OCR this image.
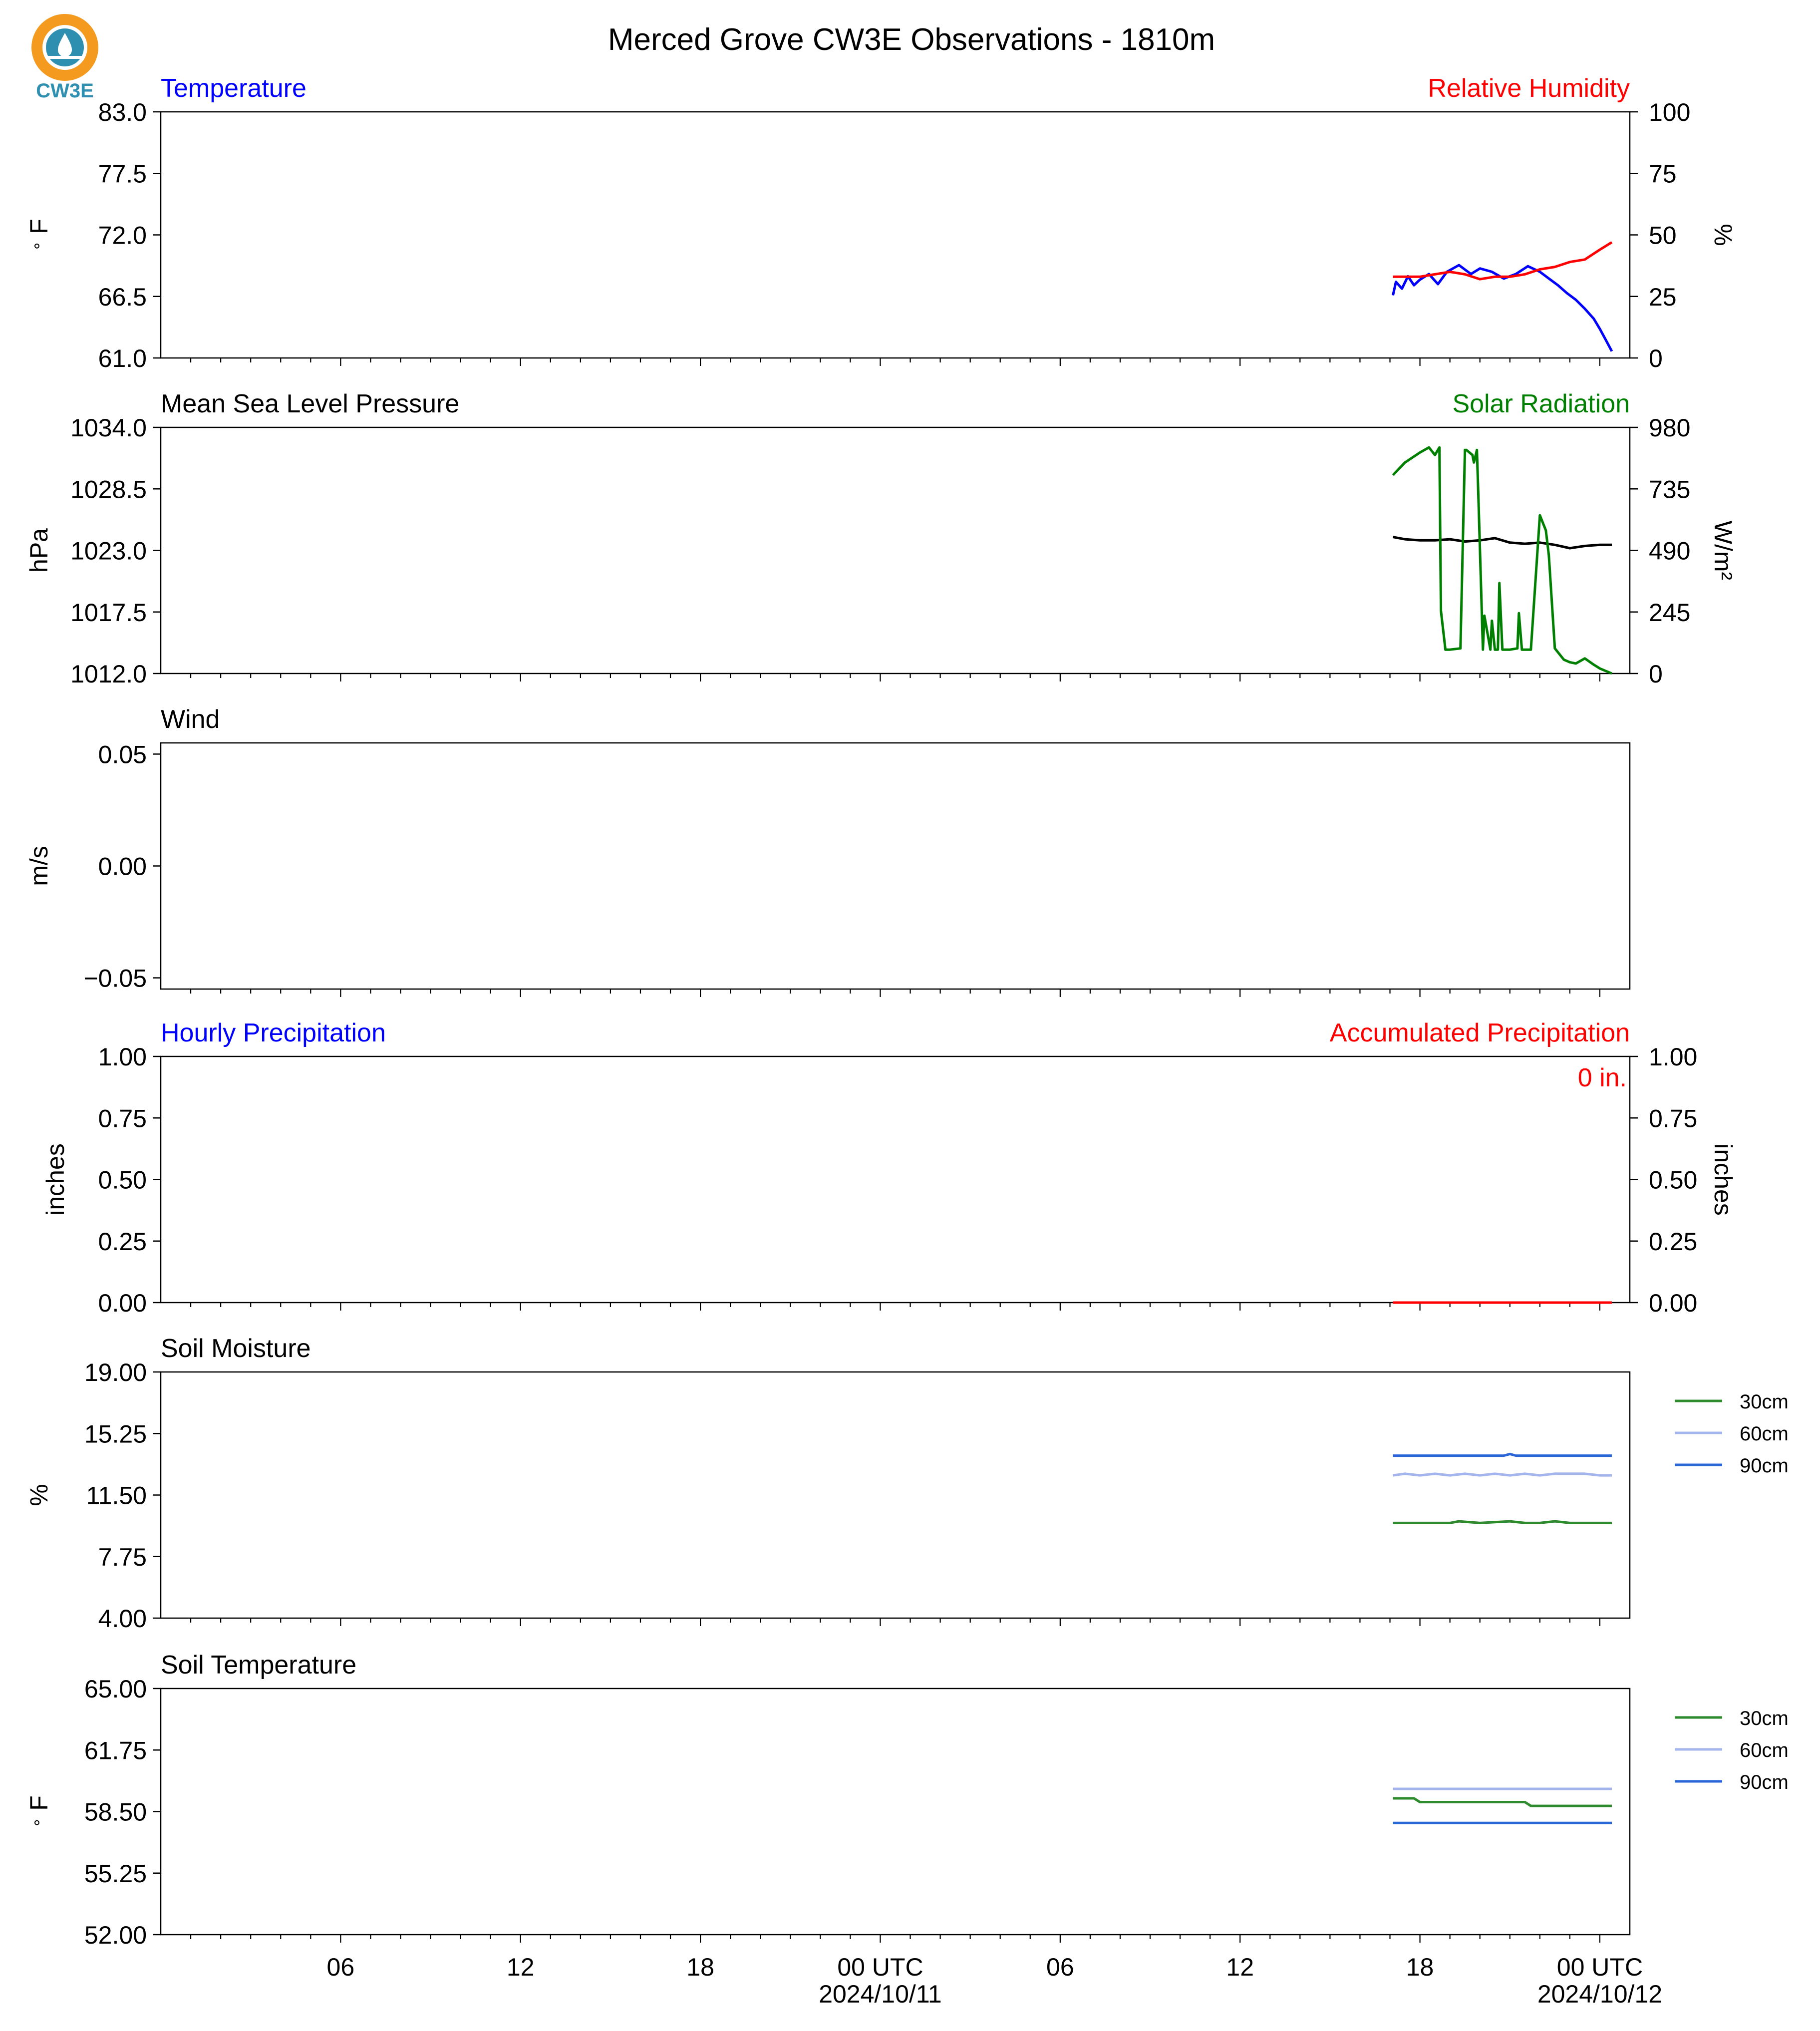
CW3E
Merced Grove CW3E Observations - 1810m
Temperature	Relative Humidity
61.0
66.5
72.0
77.5
83.0
∘ F
0
25
50
75
100
%
Mean Sea Level Pressure	Solar Radiation
1012.0
1017.5
1023.0
1028.5
1034.0
hPa
0
245
490
735
980
W/m²
Wind
−0.05
0.00
0.05
m/s
Hourly Precipitation	Accumulated Precipitation
0.00
0.25
0.50
0.75
1.00
inches
0.00
0.25
0.50
0.75
1.00
inches
0 in.
Soil Moisture
4.00
7.75
11.50
15.25
19.00
%
30cm
60cm
90cm
Soil Temperature
52.00
55.25
58.50
61.75
65.00
∘ F
30cm
60cm
90cm
06	12	18	00 UTC
2024/10/11
06	12	18	00 UTC
2024/10/12
